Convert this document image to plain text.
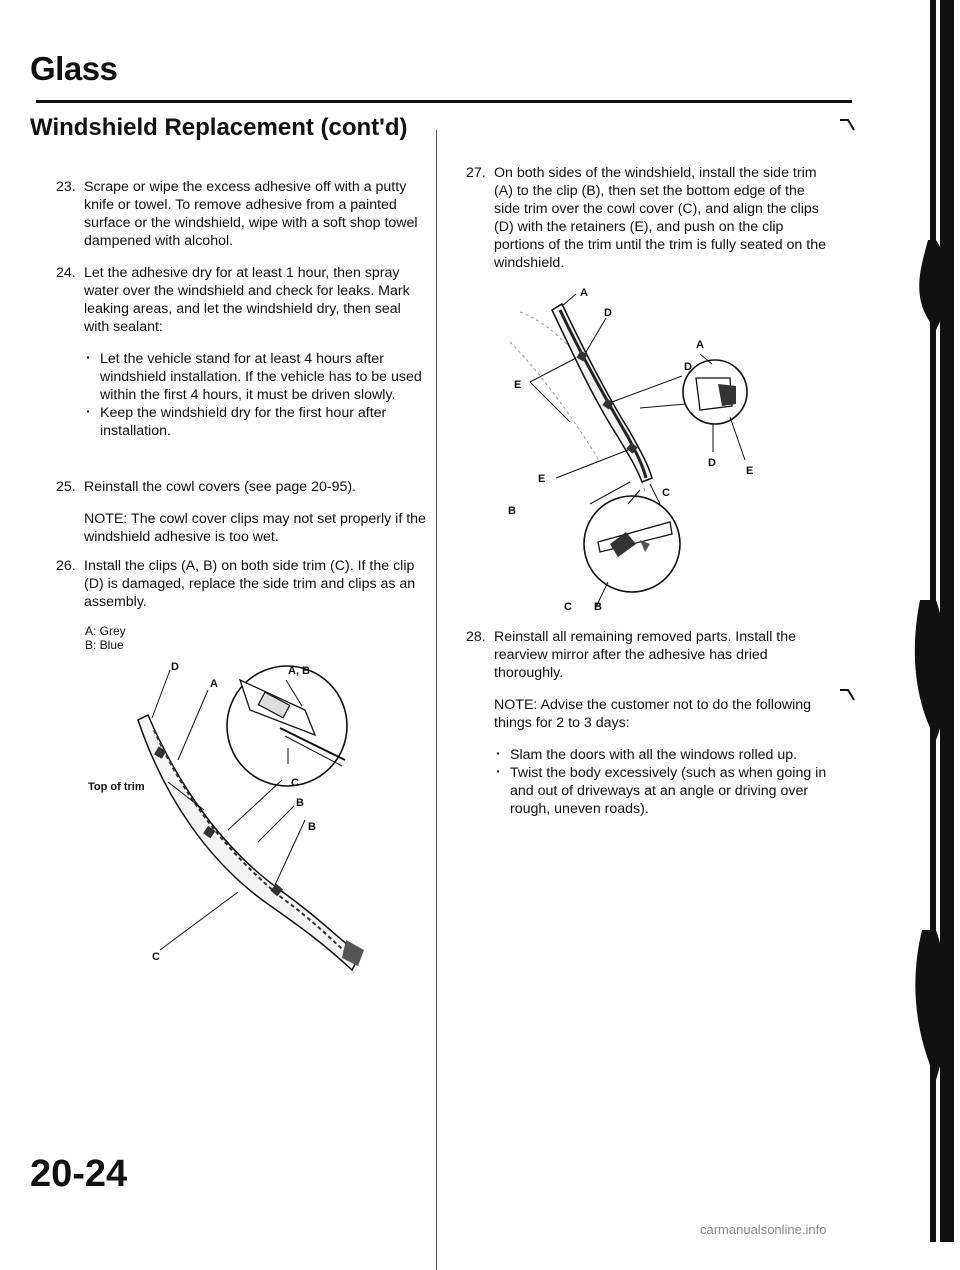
Glass
Windshield Replacement (cont'd)
23. Scrape or wipe the excess adhesive off with a putty knife or towel. To remove adhesive from a painted surface or the windshield, wipe with a soft shop towel dampened with alcohol.

24. Let the adhesive dry for at least 1 hour, then spray water over the windshield and check for leaks. Mark leaking areas, and let the windshield dry, then seal with sealant:

· Let the vehicle stand for at least 4 hours after windshield installation. If the vehicle has to be used within the first 4 hours, it must be driven slowly.
· Keep the windshield dry for the first hour after installation.
25. Reinstall the cowl covers (see page 20-95).

NOTE: The cowl cover clips may not set properly if the windshield adhesive is too wet.

26. Install the clips (A, B) on both side trim (C). If the clip (D) is damaged, replace the side trim and clips as an assembly.

A: Grey
B: Blue
A, B
C
D
A
B
B
C
Top of trim
27. On both sides of the windshield, install the side trim (A) to the clip (B), then set the bottom edge of the side trim over the cowl cover (C), and align the clips (D) with the retainers (E), and push on the clip portions of the trim until the trim is fully seated on the windshield.

A
D
A
D
E
E
C
E
D
B
C B
28. Reinstall all remaining removed parts. Install the rearview mirror after the adhesive has dried thoroughly.

NOTE: Advise the customer not to do the following things for 2 to 3 days:

· Slam the doors with all the windows rolled up.
· Twist the body excessively (such as when going in and out of driveways at an angle or driving over rough, uneven roads).
20-24
carmanualsonline.info
